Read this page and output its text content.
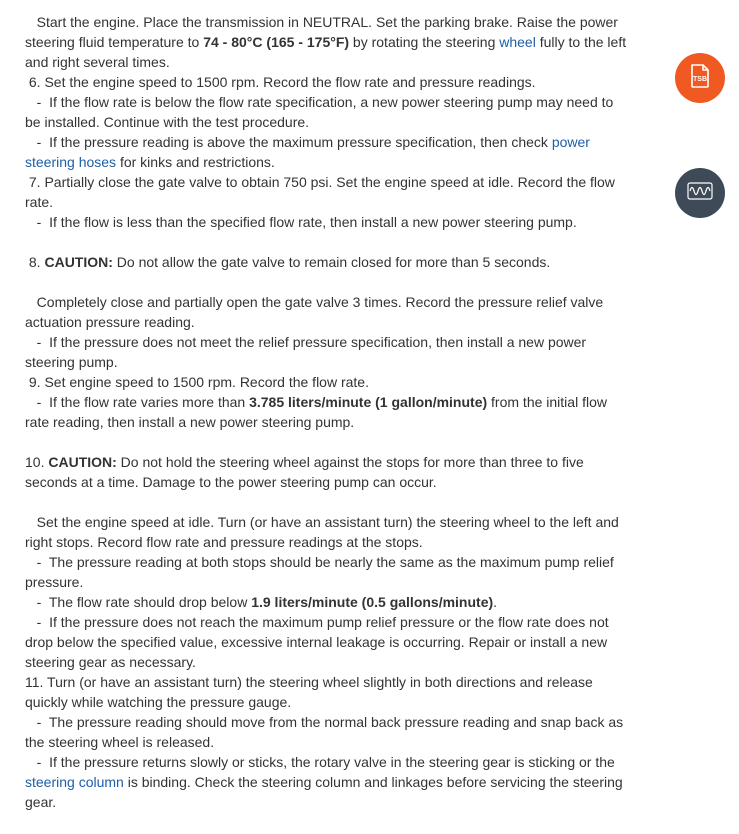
Start the engine. Place the transmission in NEUTRAL. Set the parking brake. Raise the power
steering fluid temperature to 74 - 80°C (165 - 175°F) by rotating the steering wheel fully to the left
and right several times.
6. Set the engine speed to 1500 rpm. Record the flow rate and pressure readings.
-  If the flow rate is below the flow rate specification, a new power steering pump may need to
be installed. Continue with the test procedure.
-  If the pressure reading is above the maximum pressure specification, then check power
steering hoses for kinks and restrictions.
7. Partially close the gate valve to obtain 750 psi. Set the engine speed at idle. Record the flow
rate.
-  If the flow is less than the specified flow rate, then install a new power steering pump.
8. CAUTION: Do not allow the gate valve to remain closed for more than 5 seconds.
Completely close and partially open the gate valve 3 times. Record the pressure relief valve
actuation pressure reading.
-  If the pressure does not meet the relief pressure specification, then install a new power
steering pump.
9. Set engine speed to 1500 rpm. Record the flow rate.
-  If the flow rate varies more than 3.785 liters/minute (1 gallon/minute) from the initial flow
rate reading, then install a new power steering pump.
10. CAUTION: Do not hold the steering wheel against the stops for more than three to five
seconds at a time. Damage to the power steering pump can occur.
Set the engine speed at idle. Turn (or have an assistant turn) the steering wheel to the left and
right stops. Record flow rate and pressure readings at the stops.
-  The pressure reading at both stops should be nearly the same as the maximum pump relief
pressure.
-  The flow rate should drop below 1.9 liters/minute (0.5 gallons/minute).
-  If the pressure does not reach the maximum pump relief pressure or the flow rate does not
drop below the specified value, excessive internal leakage is occurring. Repair or install a new
steering gear as necessary.
11. Turn (or have an assistant turn) the steering wheel slightly in both directions and release
quickly while watching the pressure gauge.
-  The pressure reading should move from the normal back pressure reading and snap back as
the steering wheel is released.
-  If the pressure returns slowly or sticks, the rotary valve in the steering gear is sticking or the
steering column is binding. Check the steering column and linkages before servicing the steering
gear.
TSB
